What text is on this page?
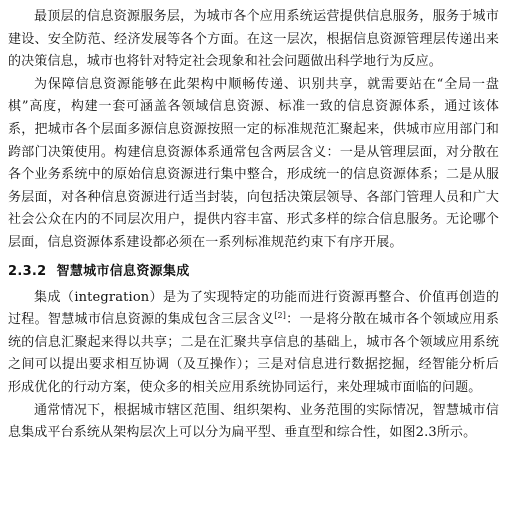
最顶层的信息资源服务层，为城市各个应用系统运营提供信息服务，服务于城市建设、安全防范、经济发展等各个方面。在这一层次，根据信息资源管理层传递出来的决策信息，城市也将针对特定社会现象和社会问题做出科学地行为反应。

为保障信息资源能够在此架构中顺畅传递、识别共享，就需要站在“全局一盘棋”高度，构建一套可涵盖各领域信息资源、标准一致的信息资源体系，通过该体系，把城市各个层面多源信息资源按照一定的标准规范汇聚起来，供城市应用部门和跨部门决策使用。构建信息资源体系通常包含两层含义：一是从管理层面，对分散在各个业务系统中的原始信息资源进行集中整合，形成统一的信息资源体系；二是从服务层面，对各种信息资源进行适当封装，向包括决策层领导、各部门管理人员和广大社会公众在内的不同层次用户，提供内容丰富、形式多样的综合信息服务。无论哪个层面，信息资源体系建设都必须在一系列标准规范约束下有序开展。

2.3.2 智慧城市信息资源集成

集成（integration）是为了实现特定的功能而进行资源再整合、价值再创造的过程。智慧城市信息资源的集成包含三层含义[2]：一是将分散在城市各个领域应用系统的信息汇聚起来得以共享；二是在汇聚共享信息的基础上，城市各个领域应用系统之间可以提出要求相互协调（及互操作）；三是对信息进行数据挖掘，经智能分析后形成优化的行动方案，使众多的相关应用系统协同运行，来处理城市面临的问题。

通常情况下，根据城市辖区范围、组织架构、业务范围的实际情况，智慧城市信息集成平台系统从架构层次上可以分为扁平型、垂直型和综合性，如图2.3所示。
